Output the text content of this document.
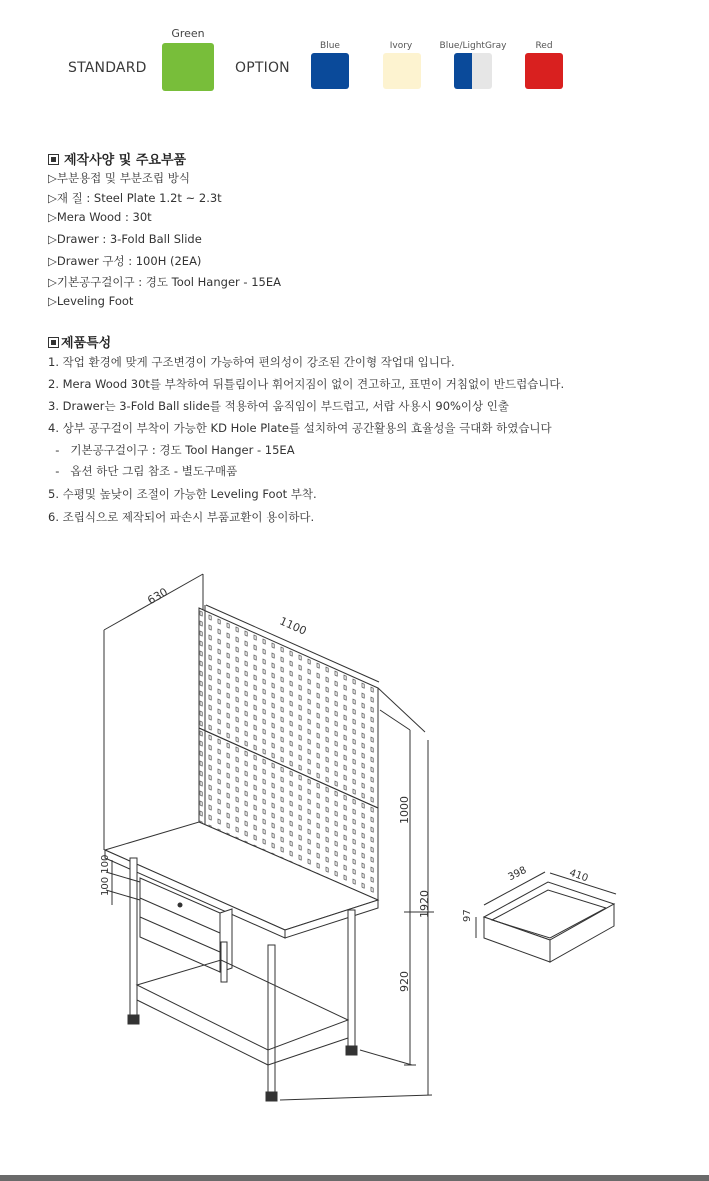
STANDARD
Green
OPTION
Blue	Ivory	Blue/LightGray	Red
제작사양 및 주요부품
▷부분용접 및 부분조립 방식
▷재 질 : Steel Plate 1.2t ~ 2.3t
▷Mera Wood : 30t
▷Drawer : 3-Fold Ball Slide
▷Drawer 구성 : 100H (2EA)
▷기본공구걸이구 : 경도 Tool Hanger - 15EA
▷Leveling Foot
제품특성
1. 작업 환경에 맞게 구조변경이 가능하여 편의성이 강조된 간이형 작업대 입니다.
2. Mera Wood 30t를 부착하여 뒤틀림이나 휘어지짐이 없이 견고하고, 표면이 거침없이 반드럽습니다.
3. Drawer는 3-Fold Ball slide를 적용하여 움직임이 부드럽고, 서랍 사용시 90%이상 인출
4. 상부 공구걸이 부착이 가능한 KD Hole Plate를 설치하여 공간활용의 효율성을 극대화 하였습니다
-   기본공구걸이구 : 경도 Tool Hanger - 15EA
-   옵션 하단 그림 참조 - 별도구매품
5. 수평및 높낮이 조절이 가능한 Leveling Foot 부착.
6. 조립식으로 제작되어 파손시 부품교환이 용이하다.
630
1100
1000
1920
920
100 100	398	410
97
